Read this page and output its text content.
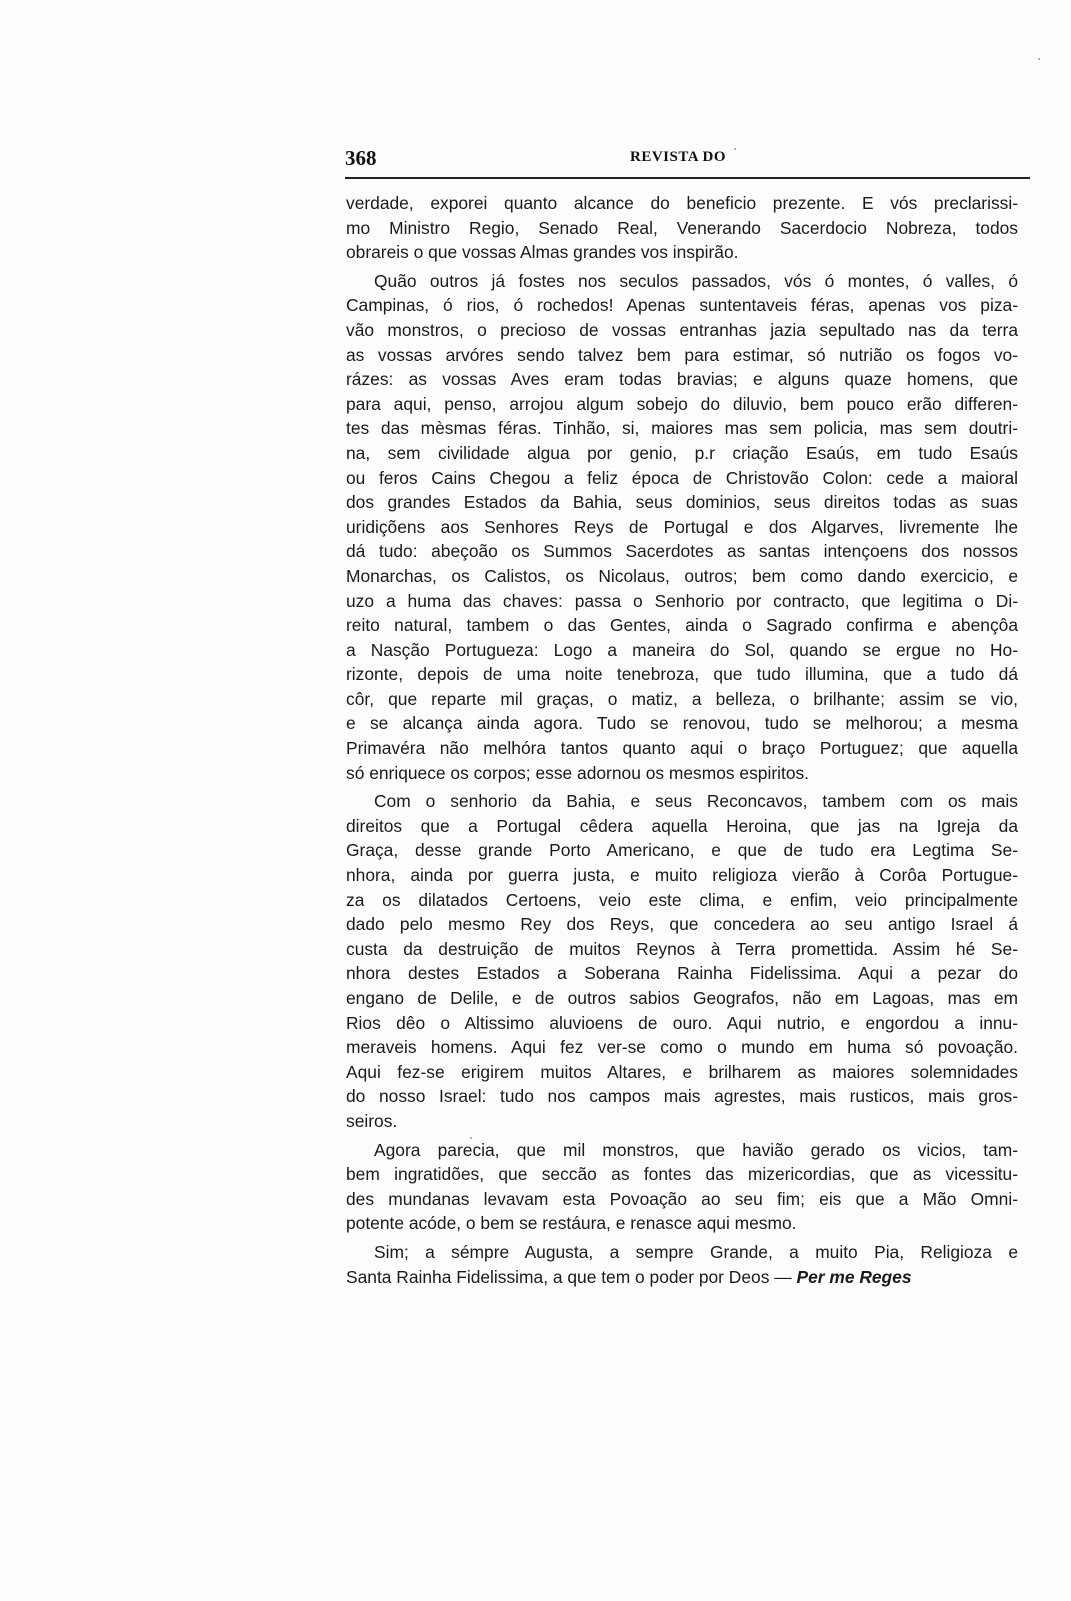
368	REVISTA DO
verdade, exporei quanto alcance do beneficio prezente. E vós preclarissi-
mo Ministro Regio, Senado Real, Venerando Sacerdocio Nobreza, todos
obrareis o que vossas Almas grandes vos inspirão.
Quão outros já fostes nos seculos passados, vós ó montes, ó valles, ó
Campinas, ó rios, ó rochedos! Apenas suntentaveis féras, apenas vos piza-
vão monstros, o precioso de vossas entranhas jazia sepultado nas da terra
as vossas arvóres sendo talvez bem para estimar, só nutrião os fogos vo-
rázes: as vossas Aves eram todas bravias; e alguns quaze homens, que
para aqui, penso, arrojou algum sobejo do diluvio, bem pouco erão differen-
tes das mèsmas féras. Tinhão, si, maiores mas sem policia, mas sem doutri-
na, sem civilidade algua por genio, p.r criação Esaús, em tudo Esaús
ou feros Cains Chegou a feliz época de Christovão Colon: cede a maioral
dos grandes Estados da Bahia, seus dominios, seus direitos todas as suas
uridiçõens aos Senhores Reys de Portugal e dos Algarves, livremente lhe
dá tudo: abeçoão os Summos Sacerdotes as santas intençoens dos nossos
Monarchas, os Calistos, os Nicolaus, outros; bem como dando exercicio, e
uzo a huma das chaves: passa o Senhorio por contracto, que legitima o Di-
reito natural, tambem o das Gentes, ainda o Sagrado confirma e abençôa
a Nasção Portugueza: Logo a maneira do Sol, quando se ergue no Ho-
rizonte, depois de uma noite tenebroza, que tudo illumina, que a tudo dá
côr, que reparte mil graças, o matiz, a belleza, o brilhante; assim se vio,
e se alcança ainda agora. Tudo se renovou, tudo se melhorou; a mesma
Primavéra não melhóra tantos quanto aqui o braço Portuguez; que aquella
só enriquece os corpos; esse adornou os mesmos espiritos.
Com o senhorio da Bahia, e seus Reconcavos, tambem com os mais
direitos que a Portugal cêdera aquella Heroina, que jas na Igreja da
Graça, desse grande Porto Americano, e que de tudo era Legtima Se-
nhora, ainda por guerra justa, e muito religioza vierão à Corôa Portugue-
za os dilatados Certoens, veio este clima, e enfim, veio principalmente
dado pelo mesmo Rey dos Reys, que concedera ao seu antigo Israel á
custa da destruição de muitos Reynos à Terra promettida. Assim hé Se-
nhora destes Estados a Soberana Rainha Fidelissima. Aqui a pezar do
engano de Delile, e de outros sabios Geografos, não em Lagoas, mas em
Rios dêo o Altissimo aluvioens de ouro. Aqui nutrio, e engordou a innu-
meraveis homens. Aqui fez ver-se como o mundo em huma só povoação.
Aqui fez-se erigirem muitos Altares, e brilharem as maiores solemnidades
do nosso Israel: tudo nos campos mais agrestes, mais rusticos, mais gros-
seiros.
Agora parecia, que mil monstros, que havião gerado os vicios, tam-
bem ingratidões, que seccão as fontes das mizericordias, que as vicessitu-
des mundanas levavam esta Povoação ao seu fim; eis que a Mão Omni-
potente acóde, o bem se restáura, e renasce aqui mesmo.
Sim; a sémpre Augusta, a sempre Grande, a muito Pia, Religioza e
Santa Rainha Fidelissima, a que tem o poder por Deos — Per me Reges
